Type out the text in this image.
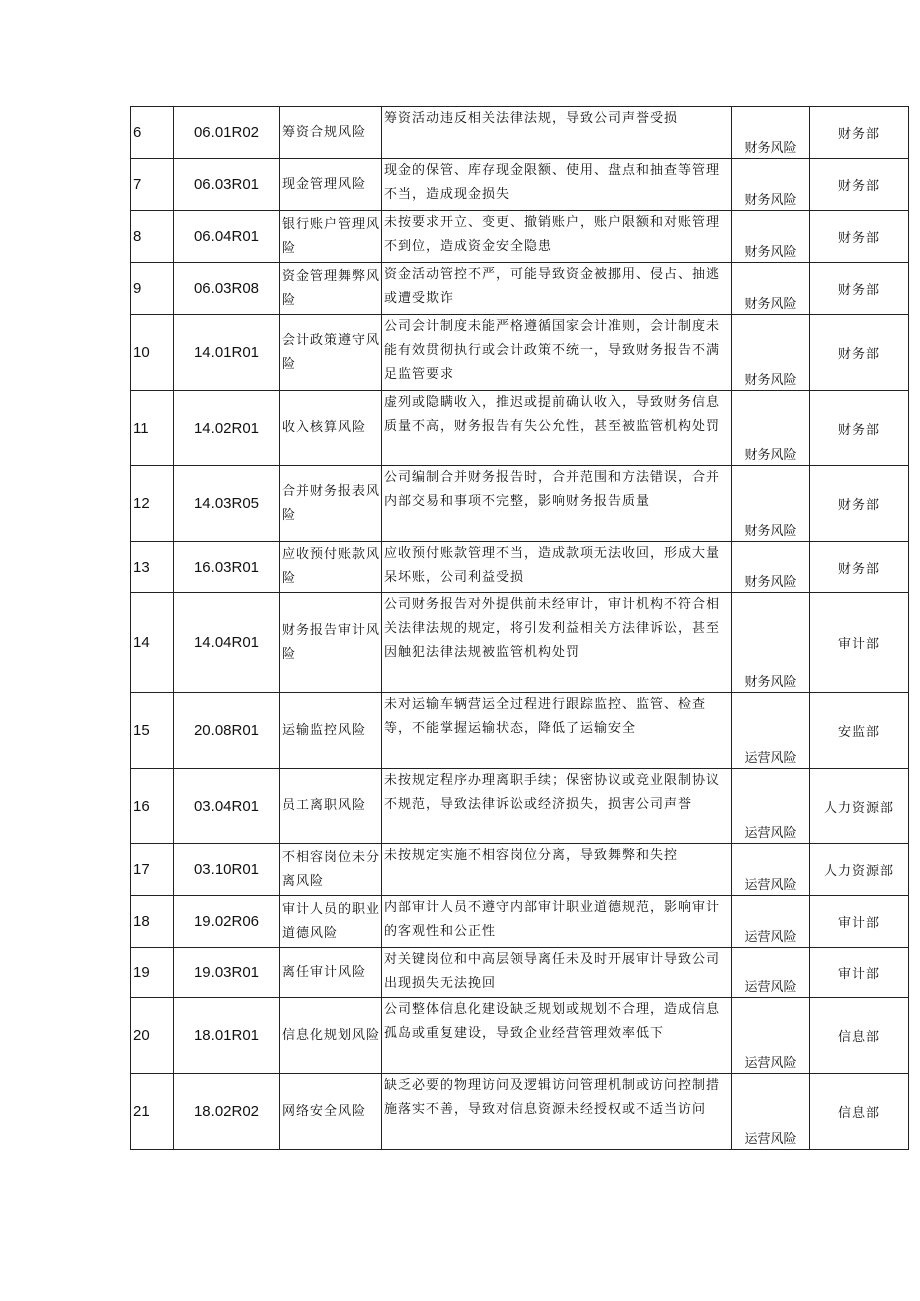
6	06.01R02	筹资合规风险	筹资活动违反相关法律法规，导致公司声誉受损	财务风险	财务部
7	06.03R01	现金管理风险	现金的保管、库存现金限额、使用、盘点和抽查等管理不当，造成现金损失	财务风险	财务部
8	06.04R01	银行账户管理风险	未按要求开立、变更、撤销账户，账户限额和对账管理不到位，造成资金安全隐患	财务风险	财务部
9	06.03R08	资金管理舞弊风险	资金活动管控不严，可能导致资金被挪用、侵占、抽逃或遭受欺诈	财务风险	财务部
10	14.01R01	会计政策遵守风险	公司会计制度未能严格遵循国家会计准则，会计制度未能有效贯彻执行或会计政策不统一，导致财务报告不满足监管要求	财务风险	财务部
11	14.02R01	收入核算风险	虚列或隐瞒收入，推迟或提前确认收入，导致财务信息质量不高，财务报告有失公允性，甚至被监管机构处罚	财务风险	财务部
12	14.03R05	合并财务报表风险	公司编制合并财务报告时，合并范围和方法错误，合并内部交易和事项不完整，影响财务报告质量	财务风险	财务部
13	16.03R01	应收预付账款风险	应收预付账款管理不当，造成款项无法收回，形成大量呆坏账，公司利益受损	财务风险	财务部
14	14.04R01	财务报告审计风险	公司财务报告对外提供前未经审计，审计机构不符合相关法律法规的规定，将引发利益相关方法律诉讼，甚至因触犯法律法规被监管机构处罚	财务风险	审计部
15	20.08R01	运输监控风险	未对运输车辆营运全过程进行跟踪监控、监管、检查等，不能掌握运输状态，降低了运输安全	运营风险	安监部
16	03.04R01	员工离职风险	未按规定程序办理离职手续；保密协议或竞业限制协议不规范，导致法律诉讼或经济损失，损害公司声誉	运营风险	人力资源部
17	03.10R01	不相容岗位未分离风险	未按规定实施不相容岗位分离，导致舞弊和失控	运营风险	人力资源部
18	19.02R06	审计人员的职业道德风险	内部审计人员不遵守内部审计职业道德规范，影响审计的客观性和公正性	运营风险	审计部
19	19.03R01	离任审计风险	对关键岗位和中高层领导离任未及时开展审计导致公司出现损失无法挽回	运营风险	审计部
20	18.01R01	信息化规划风险	公司整体信息化建设缺乏规划或规划不合理，造成信息孤岛或重复建设，导致企业经营管理效率低下	运营风险	信息部
21	18.02R02	网络安全风险	缺乏必要的物理访问及逻辑访问管理机制或访问控制措施落实不善，导致对信息资源未经授权或不适当访问	运营风险	信息部
